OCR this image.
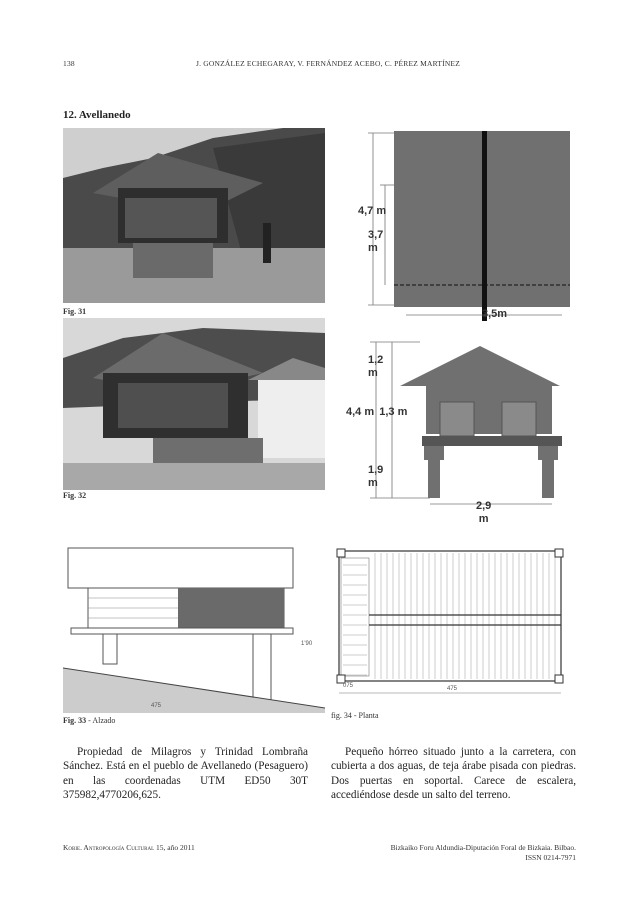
138	J. GONZÁLEZ ECHEGARAY, V. FERNÁNDEZ ACEBO, C. PÉREZ MARTÍNEZ
12. Avellanedo
Fig. 31
4,7 m
3,7
m
3,5m
Fig. 32
1,2
m
4,4 m 1,3 m
1,9
m
2,9
m
1'90
475
Fig. 33 - Alzado
075	475
fig. 34 - Planta
Propiedad de Milagros y Trinidad Lombraña Sánchez. Está en el pueblo de Avellanedo (Pesaguero) en las coordenadas UTM ED50 30T 375982,4770206,625.
Pequeño hórreo situado junto a la carretera, con cubierta a dos aguas, de teja árabe pisada con piedras. Dos puertas en soportal. Carece de escalera, accediéndose desde un salto del terreno.
Kobie. Antropología Cultural 15, año 2011	Bizkaiko Foru Aldundia-Diputación Foral de Bizkaia. Bilbao.
ISSN 0214-7971
